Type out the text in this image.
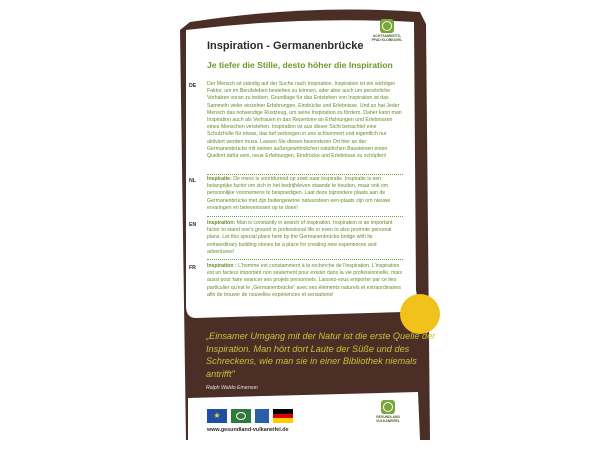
ACHTSAMKEITS-
PFAD KLOBEAVEL
Inspiration - Germanenbrücke
Je tiefer die Stille, desto höher die Inspiration
DE Der Mensch ist ständig auf der Suche nach Inspiration. Inspiration ist ein wichtiger Faktor, um im Berufsleben bestehen zu können, oder aber auch um persönliche Vorhaben voran zu treiben. Grundlage für das Entstehen von Inspiration ist das Sammeln vieler einzelner Erfahrungen, Eindrücke und Erlebnisse. Und so hat Jeder Mensch das notwendige Rüstzeug, um seine Inspiration zu fördern. Daher kann man Inspiration auch als Vertrauen in das Repertoire an Erfahrungen und Erlebnissen eines Menschen verstehen. Inspiration ist aus dieser Sicht betrachtet eine Schutzhülle für etwas, das tief verborgen in uns schlummert und eigentlich nur aktiviert werden muss. Lassen Sie diesen besonderen Ort hier an der Germanenbrücke mit seinen außergewöhnlichen natürlichen Bausteinen einen Quellort dafür sein, neue Erfahrungen, Eindrücke und Erlebnisse zu schöpfen!
NL Inspiratie: De mens is voortdurend op zoek naar inspiratie. Inspiratie is een belangrijke factor om zich in het bedrijfsleven staande te houden, maar ook om persoonlijke voornemens te bespoedigen. Laat deze bijzondere plaats aan de Germanenbrücke met zijn buitengewone natuursteen een-plaats zijn om nieuwe ervaringen en belevenissen op te doen!
EN Inspiration: Man is constantly in search of inspiration. Inspiration is an important factor to stand one's ground in professional life or even to also promote personal plans. Let this special place here by the Germanenbrücke bridge with its extraordinary building stones be a place for creating new experiences and adventures!
FR Inspiration : L'homme est constamment à la recherche de l'inspiration. L'inspiration est un facteur important non seulement pour exister dans la vie professionnelle, mais aussi pour faire avancer ses projets personnels. Laissez-vous emporter par ce lieu particulier qu'est le „Germanenbrücke" avec ses éléments naturels et extraordinaires afin de trouver de nouvelles expériences et sensations!
„Einsamer Umgang mit der Natur ist die erste Quelle der Inspiration. Man hört dort Laute der Süße und des Schreckens, wie man sie in einer Bibliothek niemals antrifft"
Ralph Waldo Emerson
★
www.gesundland-vulkaneifel.de
GESUNDLAND
VULKANEIFEL
